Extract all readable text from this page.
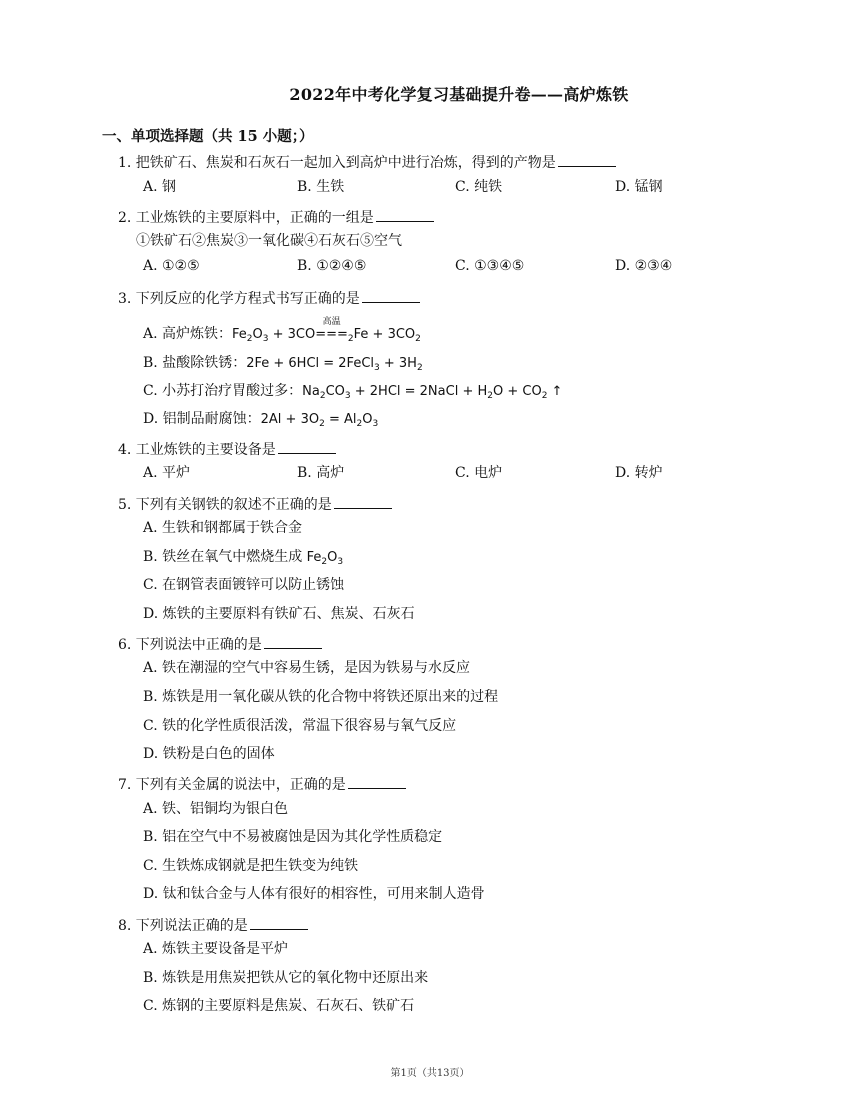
2022年中考化学复习基础提升卷——高炉炼铁
一、单项选择题（共 15 小题；）
1. 把铁矿石、焦炭和石灰石一起加入到高炉中进行冶炼，得到的产物是
A. 钢	B. 生铁	C. 纯铁	D. 锰钢
2. 工业炼铁的主要原料中，正确的一组是
①铁矿石②焦炭③一氧化碳④石灰石⑤空气
A. ①②⑤	B. ①②④⑤	C. ①③④⑤	D. ②③④
3. 下列反应的化学方程式书写正确的是
A. 高炉炼铁：$Fe_2O_3 + 3CO$
高温
$===_2Fe + 3CO_2$
B. 盐酸除铁锈：2Fe + 6HCl = 2FeCl$_3$ + $3H_2$
C. 小苏打治疗胃酸过多：$Na_2CO_3 + 2HCl$ = 2NaCl + $H_2O + CO_2$ ↑
D. 铝制品耐腐蚀：$2Al + 3O_2 = Al_2O_3$
4. 工业炼铁的主要设备是
A. 平炉	B. 高炉	C. 电炉	D. 转炉
5. 下列有关钢铁的叙述不正确的是
A. 生铁和钢都属于铁合金
B. 铁丝在氧气中燃烧生成 $Fe_2O_3$
C. 在钢管表面镀锌可以防止锈蚀
D. 炼铁的主要原料有铁矿石、焦炭、石灰石
6. 下列说法中正确的是
A. 铁在潮湿的空气中容易生锈，是因为铁易与水反应
B. 炼铁是用一氧化碳从铁的化合物中将铁还原出来的过程
C. 铁的化学性质很活泼，常温下很容易与氧气反应
D. 铁粉是白色的固体
7. 下列有关金属的说法中，正确的是
A. 铁、铝铜均为银白色
B. 铝在空气中不易被腐蚀是因为其化学性质稳定
C. 生铁炼成钢就是把生铁变为纯铁
D. 钛和钛合金与人体有很好的相容性，可用来制人造骨
8. 下列说法正确的是
A. 炼铁主要设备是平炉
B. 炼铁是用焦炭把铁从它的氧化物中还原出来
C. 炼钢的主要原料是焦炭、石灰石、铁矿石
第1页（共13页）
